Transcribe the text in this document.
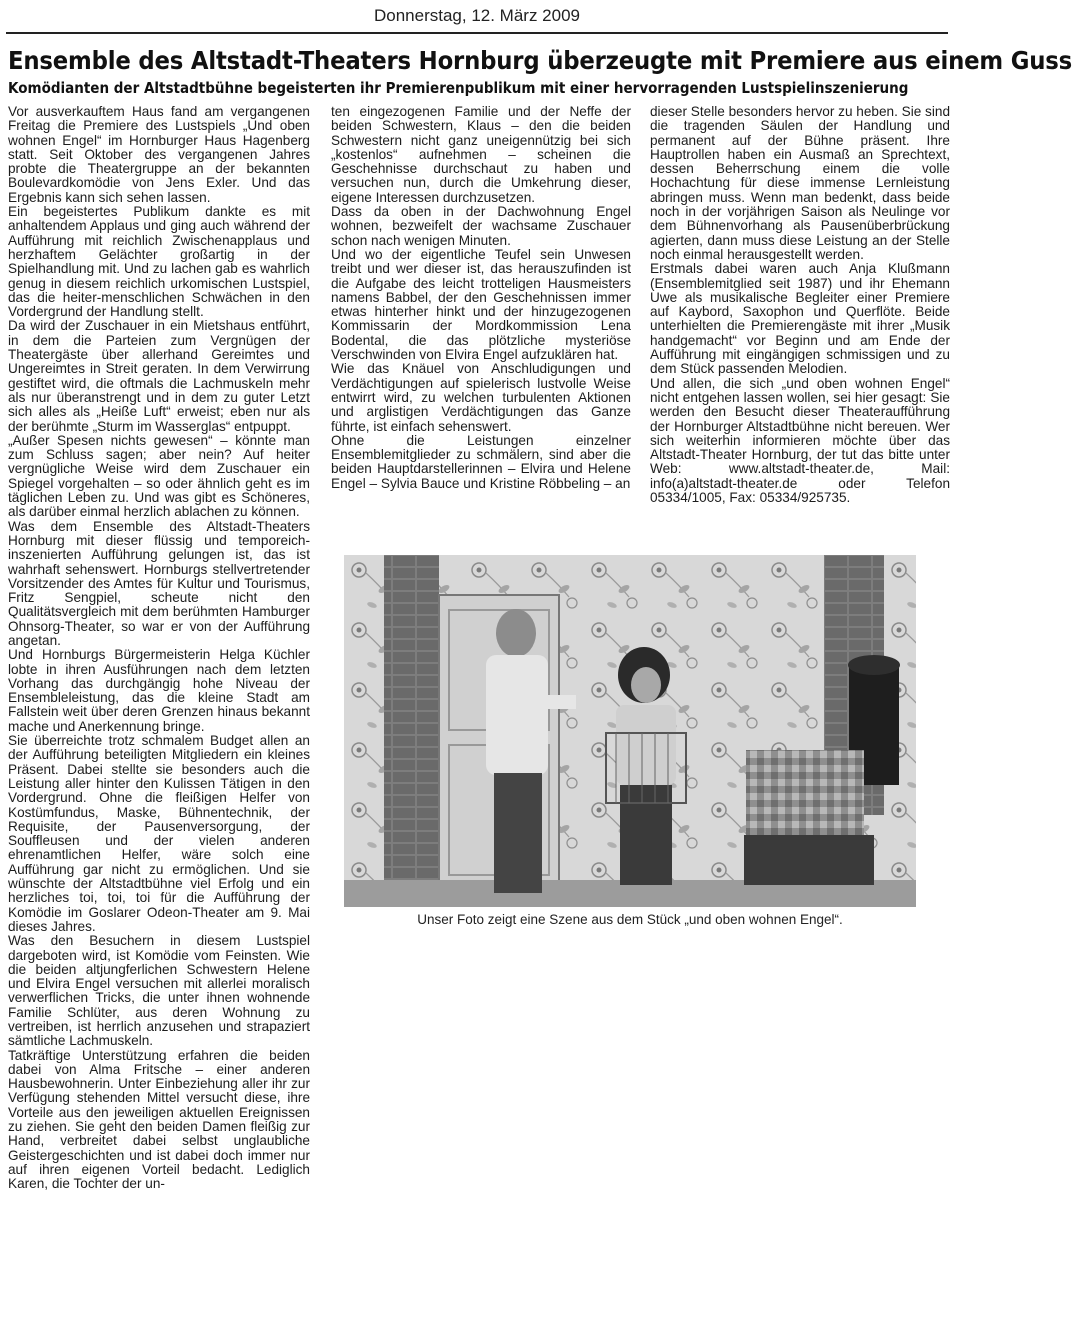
Donnerstag, 12. März 2009
Ensemble des Altstadt-Theaters Hornburg überzeugte mit Premiere aus einem Guss
Komödianten der Altstadtbühne begeisterten ihr Premierenpublikum mit einer hervorragenden Lustspielinszenierung

Vor ausverkauftem Haus fand am vergangenen Freitag die Premiere des Lustspiels „Und oben wohnen Engel“ im Hornburger Haus Hagenberg statt. Seit Oktober des vergangenen Jahres probte die Theatergruppe an der bekannten Boulevardkomödie von Jens Exler. Und das Ergebnis kann sich sehen lassen.

Ein begeistertes Publikum dankte es mit anhaltendem Applaus und ging auch während der Aufführung mit reichlich Zwischenapplaus und herzhaftem Gelächter großartig in der Spielhandlung mit. Und zu lachen gab es wahrlich genug in diesem reichlich urkomischen Lustspiel, das die heiter-menschlichen Schwächen in den Vordergrund der Handlung stellt.

Da wird der Zuschauer in ein Mietshaus entführt, in dem die Parteien zum Vergnügen der Theatergäste über allerhand Gereimtes und Ungereimtes in Streit geraten. In dem Verwirrung gestiftet wird, die oftmals die Lachmuskeln mehr als nur überanstrengt und in dem zu guter Letzt sich alles als „Heiße Luft“ erweist; eben nur als der berühmte „Sturm im Wasserglas“ entpuppt.

„Außer Spesen nichts gewesen“ – könnte man zum Schluss sagen; aber nein? Auf heiter vergnügliche Weise wird dem Zuschauer ein Spiegel vorgehalten – so oder ähnlich geht es im täglichen Leben zu. Und was gibt es Schöneres, als darüber einmal herzlich ablachen zu können.

Was dem Ensemble des Altstadt-Theaters Hornburg mit dieser flüssig und temporeich-inszenierten Aufführung gelungen ist, das ist wahrhaft sehenswert. Hornburgs stellvertretender Vorsitzender des Amtes für Kultur und Tourismus, Fritz Sengpiel, scheute nicht den Qualitätsvergleich mit dem berühmten Hamburger Ohnsorg-Theater, so war er von der Aufführung angetan.

Und Hornburgs Bürgermeisterin Helga Küchler lobte in ihren Ausführungen nach dem letzten Vorhang das durchgängig hohe Niveau der Ensembleleistung, das die kleine Stadt am Fallstein weit über deren Grenzen hinaus bekannt mache und Anerkennung bringe.

Sie überreichte trotz schmalem Budget allen an der Aufführung beteiligten Mitgliedern ein kleines Präsent. Dabei stellte sie besonders auch die Leistung aller hinter den Kulissen Tätigen in den Vordergrund. Ohne die fleißigen Helfer von Kostümfundus, Maske, Bühnentechnik, der Requisite, der Pausenversorgung, der Souffleusen und der vielen anderen ehrenamtlichen Helfer, wäre solch eine Aufführung gar nicht zu ermöglichen. Und sie wünschte der Altstadtbühne viel Erfolg und ein herzliches toi, toi, toi für die Aufführung der Komödie im Goslarer Odeon-Theater am 9. Mai dieses Jahres.

Was den Besuchern in diesem Lustspiel dargeboten wird, ist Komödie vom Feinsten. Wie die beiden altjungferlichen Schwestern Helene und Elvira Engel versuchen mit allerlei moralisch verwerflichen Tricks, die unter ihnen wohnende Familie Schlüter, aus deren Wohnung zu vertreiben, ist herrlich anzusehen und strapaziert sämtliche Lachmuskeln.

Tatkräftige Unterstützung erfahren die beiden dabei von Alma Fritsche – einer anderen Hausbewohnerin. Unter Einbeziehung aller ihr zur Verfügung stehenden Mittel versucht diese, ihre Vorteile aus den jeweiligen aktuellen Ereignissen zu ziehen. Sie geht den beiden Damen fleißig zur Hand, verbreitet dabei selbst unglaubliche Geistergeschichten und ist dabei doch immer nur auf ihren eigenen Vorteil bedacht. Lediglich Karen, die Tochter der un-

ten eingezogenen Familie und der Neffe der beiden Schwestern, Klaus – den die beiden Schwestern nicht ganz uneigennützig bei sich „kostenlos“ aufnehmen – scheinen die Geschehnisse durchschaut zu haben und versuchen nun, durch die Umkehrung dieser, eigene Interessen durchzusetzen.

Dass da oben in der Dachwohnung Engel wohnen, bezweifelt der wachsame Zuschauer schon nach wenigen Minuten.

Und wo der eigentliche Teufel sein Unwesen treibt und wer dieser ist, das herauszufinden ist die Aufgabe des leicht trotteligen Hausmeisters namens Babbel, der den Geschehnissen immer etwas hinterher hinkt und der hinzugezogenen Kommissarin der Mordkommission Lena Bodental, die das plötzliche mysteriöse Verschwinden von Elvira Engel aufzuklären hat.

Wie das Knäuel von Anschludigungen und Verdächtigungen auf spielerisch lustvolle Weise entwirrt wird, zu welchen turbulenten Aktionen und arglistigen Verdächtigungen das Ganze führte, ist einfach sehenswert.

Ohne die Leistungen einzelner Ensemblemitglieder zu schmälern, sind aber die beiden Hauptdarstellerinnen – Elvira und Helene Engel – Sylvia Bauce und Kristine Röbbeling – an

dieser Stelle besonders hervor zu heben. Sie sind die tragenden Säulen der Handlung und permanent auf der Bühne präsent. Ihre Hauptrollen haben ein Ausmaß an Sprechtext, dessen Beherrschung einem die volle Hochachtung für diese immense Lernleistung abringen muss. Wenn man bedenkt, dass beide noch in der vorjährigen Saison als Neulinge vor dem Bühnenvorhang als Pausenüberbrückung agierten, dann muss diese Leistung an der Stelle noch einmal herausgestellt werden.

Erstmals dabei waren auch Anja Klußmann (Ensemblemitglied seit 1987) und ihr Ehemann Uwe als musikalische Begleiter einer Premiere auf Kaybord, Saxophon und Querflöte. Beide unterhielten die Premierengäste mit ihrer „Musik handgemacht“ vor Beginn und am Ende der Aufführung mit eingängigen schmissigen und zu dem Stück passenden Melodien.

Und allen, die sich „und oben wohnen Engel“ nicht entgehen lassen wollen, sei hier gesagt: Sie werden den Besucht dieser Theateraufführung der Hornburger Altstadtbühne nicht bereuen. Wer sich weiterhin informieren möchte über das Altstadt-Theater Hornburg, der tut das bitte unter Web: www.altstadt-theater.de, Mail: info(a)altstadt-theater.de oder Telefon 05334/1005, Fax: 05334/925735.

Unser Foto zeigt eine Szene aus dem Stück „und oben wohnen Engel“.
